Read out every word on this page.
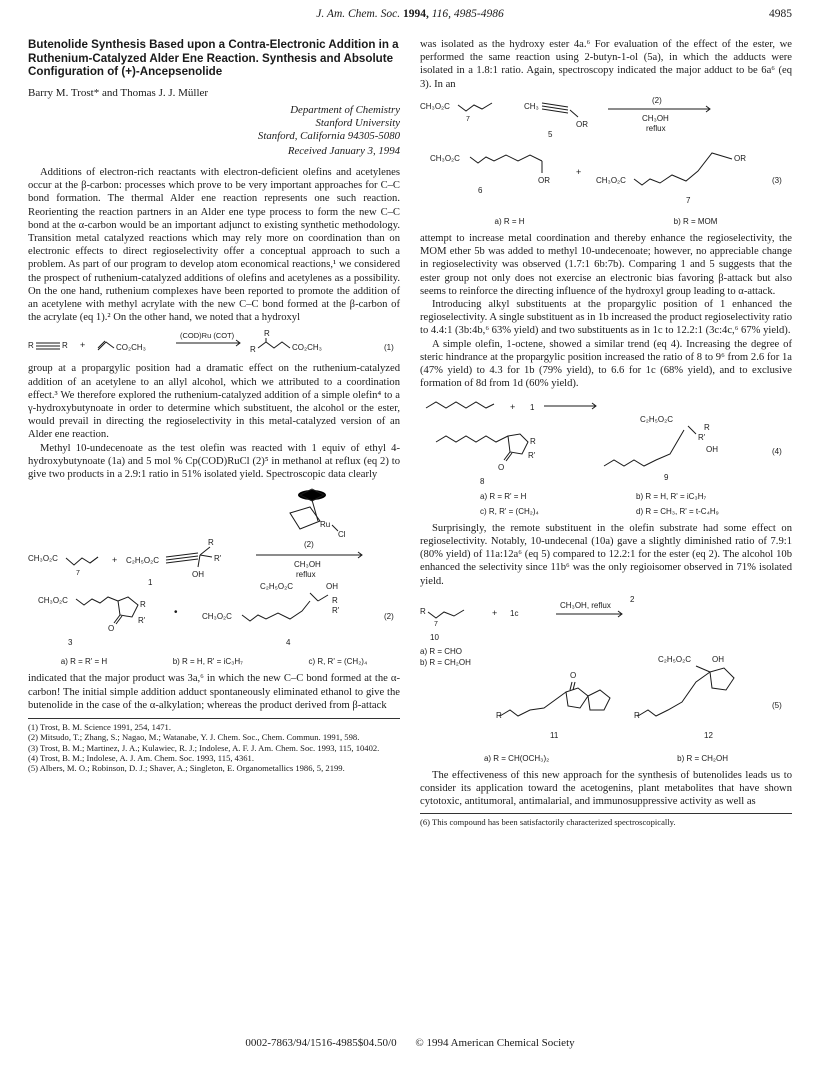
J. Am. Chem. Soc. 1994, 116, 4985-4986	4985
Butenolide Synthesis Based upon a Contra-Electronic Addition in a Ruthenium-Catalyzed Alder Ene Reaction. Synthesis and Absolute Configuration of (+)-Ancepsenolide
Barry M. Trost* and Thomas J. J. Müller
Department of Chemistry
Stanford University
Stanford, California 94305-5080
Received January 3, 1994

Additions of electron-rich reactants with electron-deficient olefins and acetylenes occur at the β-carbon: processes which prove to be very important approaches for C–C bond formation. The thermal Alder ene reaction represents one such reaction. Reorienting the reaction partners in an Alder ene type process to form the new C–C bond at the α-carbon would be an important adjunct to existing synthetic methodology. Transition metal catalyzed reactions which may rely more on coordination than on electronic effects to direct regioselectivity offer a conceptual approach to such a problem. As part of our program to develop atom economical reactions,¹ we considered the prospect of ruthenium-catalyzed additions of olefins and acetylenes as a possibility. On the one hand, ruthenium complexes have been reported to promote the addition of an acetylene with methyl acrylate with the new C–C bond formed at the β-carbon of the acrylate (eq 1).² On the other hand, we noted that a hydroxyl

R	R +	CO₂CH₃
(COD)Ru (COT)	R
R	CO₂CH₃	(1)

group at a propargylic position had a dramatic effect on the ruthenium-catalyzed addition of an acetylene to an allyl alcohol, which we attributed to a coordination effect.³ We therefore explored the ruthenium-catalyzed addition of a simple olefin⁴ to a γ-hydroxybutynoate in order to determine which substituent, the alcohol or the ester, would prevail in directing the regioselectivity in this metal-catalyzed version of an Alder ene reaction.

Methyl 10-undecenoate as the test olefin was reacted with 1 equiv of ethyl 4-hydroxybutynoate (1a) and 5 mol % Cp(COD)RuCl (2)⁵ in methanol at reflux (eq 2) to give two products in a 2.9:1 ratio in 51% isolated yield. Spectroscopic data clearly

Ru
Cl
(2)
CH₃O₂C
7
+ C₂H₅O₂C
R
R'
OH
1
CH₃OH
reflux
CH₃O₂C
O
R
R'
3
•
C₂H₅O₂C	OH
R
R'
CH₃O₂C
4
(2)
a) R = R' = H	b) R = H, R' = iC₃H₇	c) R, R' = (CH₂)₄

indicated that the major product was 3a,⁶ in which the new C–C bond formed at the α-carbon! The initial simple addition adduct spontaneously eliminated ethanol to give the butenolide in the case of the α-alkylation; whereas the product derived from β-attack

(1) Trost, B. M. Science 1991, 254, 1471.
(2) Mitsudo, T.; Zhang, S.; Nagao, M.; Watanabe, Y. J. Chem. Soc., Chem. Commun. 1991, 598.
(3) Trost, B. M.; Martinez, J. A.; Kulawiec, R. J.; Indolese, A. F. J. Am. Chem. Soc. 1993, 115, 10402.
(4) Trost, B. M.; Indolese, A. J. Am. Chem. Soc. 1993, 115, 4361.
(5) Albers, M. O.; Robinson, D. J.; Shaver, A.; Singleton, E. Organometallics 1986, 5, 2199.

was isolated as the hydroxy ester 4a.⁶ For evaluation of the effect of the ester, we performed the same reaction using 2-butyn-1-ol (5a), in which the adducts were isolated in a 1.8:1 ratio. Again, spectroscopy indicated the major adduct to be 6a⁶ (eq 3). In an

CH₃O₂C
7
CH₃
OR
5
(2)
CH₃OH
reflux
CH₃O₂C
OR
6
+
CH₃O₂C
OR
7
(3)
a) R = H	b) R = MOM

attempt to increase metal coordination and thereby enhance the regioselectivity, the MOM ether 5b was added to methyl 10-undecenoate; however, no appreciable change in regioselectivity was observed (1.7:1 6b:7b). Comparing 1 and 5 suggests that the ester group not only does not exercise an electronic bias favoring β-attack but also seems to reinforce the directing influence of the hydroxyl group leading to α-attack.

Introducing alkyl substituents at the propargylic position of 1 enhanced the regioselectivity. A single substituent as in 1b increased the product regioselectivity ratio to 4.4:1 (3b:4b,⁶ 63% yield) and two substituents as in 1c to 12.2:1 (3c:4c,⁶ 67% yield).

A simple olefin, 1-octene, showed a similar trend (eq 4). Increasing the degree of steric hindrance at the propargylic position increased the ratio of 8 to 9⁶ from 2.6 for 1a (47% yield) to 4.3 for 1b (79% yield), to 6.6 for 1c (68% yield), and to exclusive formation of 8d from 1d (60% yield).

+ 1
O
R
R'
8
C₂H₅O₂C
R
R'
OH
9
(4)
a) R = R' = H	b) R = H, R' = iC₃H₇
c) R, R' = (CH₂)₄	d) R = CH₃, R' = t-C₄H₉

Surprisingly, the remote substituent in the olefin substrate had some effect on regioselectivity. Notably, 10-undecenal (10a) gave a slightly diminished ratio of 7.9:1 (80% yield) of 11a:12a⁶ (eq 5) compared to 12.2:1 for the ester (eq 2). The alcohol 10b enhanced the selectivity since 11b⁶ was the only regioisomer observed in 71% isolated yield.

2
R
7
+ 1c
CH₃OH, reflux
10
a) R = CHO
b) R = CH₂OH
O
R
11
C₂H₅O₂C	OH
R
12
(5)
a) R = CH(OCH₃)₂	b) R = CH₂OH

The effectiveness of this new approach for the synthesis of butenolides leads us to consider its application toward the acetogenins, plant metabolites that have shown cytotoxic, antitumoral, antimalarial, and immunosuppressive activity as well as

(6) This compound has been satisfactorily characterized spectroscopically.
0002-7863/94/1516-4985$04.50/0 © 1994 American Chemical Society
